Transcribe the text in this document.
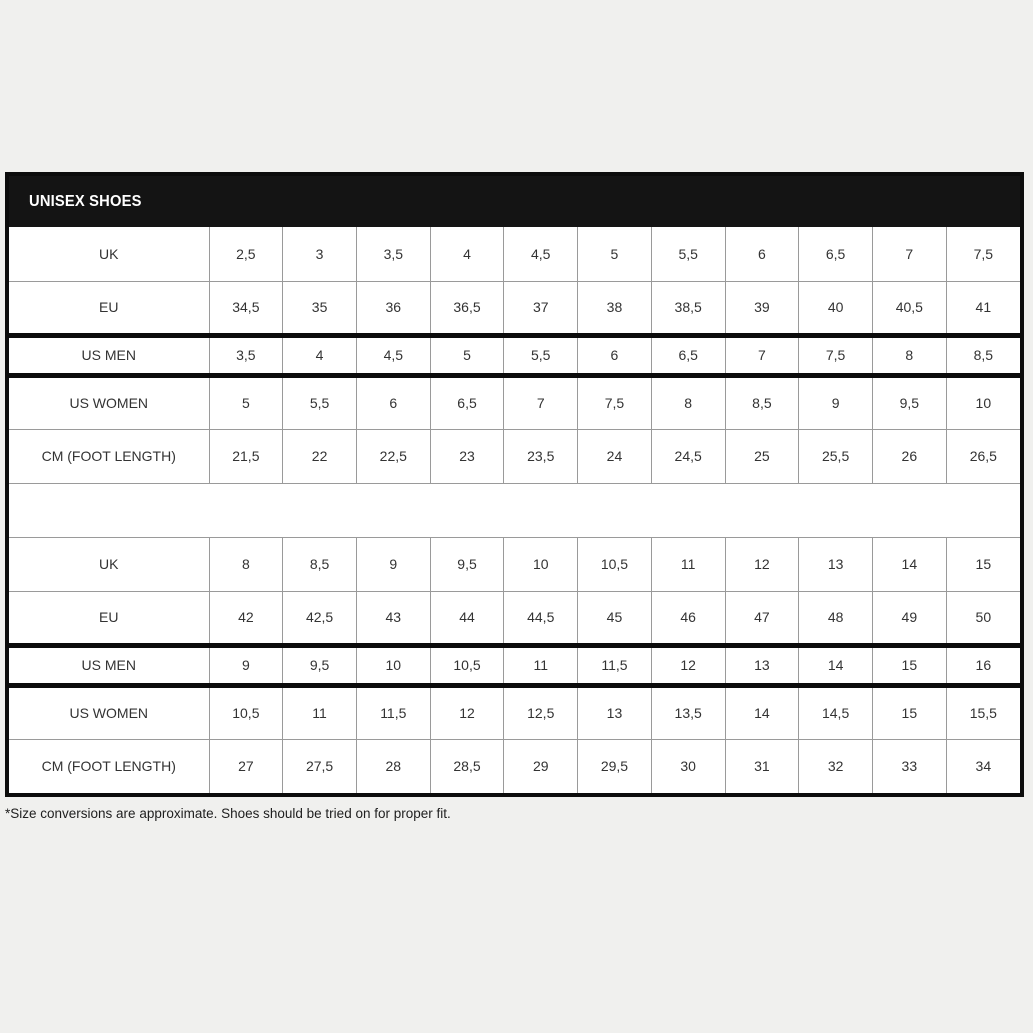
UNISEX SHOES
UK	2,5	3	3,5	4	4,5	5	5,5	6	6,5	7	7,5
EU	34,5	35	36	36,5	37	38	38,5	39	40	40,5	41
US MEN	3,5	4	4,5	5	5,5	6	6,5	7	7,5	8	8,5
US WOMEN	5	5,5	6	6,5	7	7,5	8	8,5	9	9,5	10
CM (FOOT LENGTH)	21,5	22	22,5	23	23,5	24	24,5	25	25,5	26	26,5

UK	8	8,5	9	9,5	10	10,5	11	12	13	14	15
EU	42	42,5	43	44	44,5	45	46	47	48	49	50
US MEN	9	9,5	10	10,5	11	11,5	12	13	14	15	16
US WOMEN	10,5	11	11,5	12	12,5	13	13,5	14	14,5	15	15,5
CM (FOOT LENGTH)	27	27,5	28	28,5	29	29,5	30	31	32	33	34
*Size conversions are approximate. Shoes should be tried on for proper fit.
